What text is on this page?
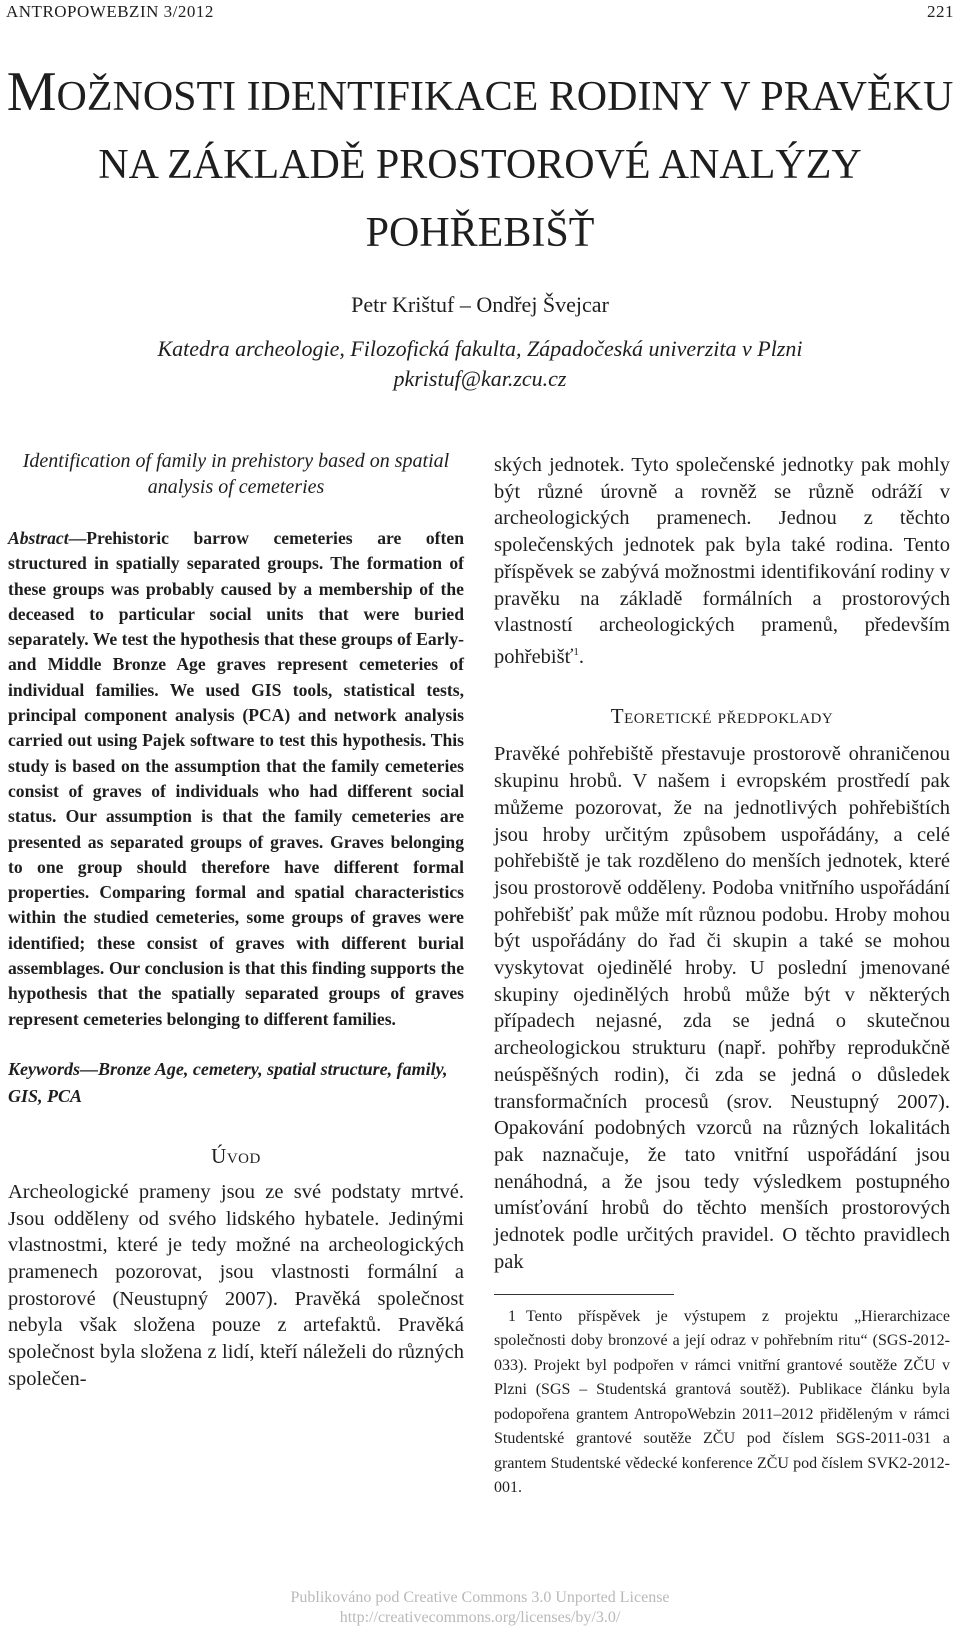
ANTROPOWEBZIN 3/2012	221
MOŽNOSTI IDENTIFIKACE RODINY V PRAVĚKU
NA ZÁKLADĚ PROSTOROVÉ ANALÝZY
POHŘEBIŠŤ
Petr Krištuf – Ondřej Švejcar
Katedra archeologie, Filozofická fakulta, Západočeská univerzita v Plzni
pkristuf@kar.zcu.cz
Identification of family in prehistory based on spatial analysis of cemeteries

Abstract—Prehistoric barrow cemeteries are often structured in spatially separated groups. The formation of these groups was probably caused by a membership of the deceased to particular social units that were buried separately. We test the hypothesis that these groups of Early- and Middle Bronze Age graves represent cemeteries of individual families. We used GIS tools, statistical tests, principal component analysis (PCA) and network analysis carried out using Pajek software to test this hypothesis. This study is based on the assumption that the family cemeteries consist of graves of individuals who had different social status. Our assumption is that the family cemeteries are presented as separated groups of graves. Graves belonging to one group should therefore have different formal properties. Comparing formal and spatial characteristics within the studied cemeteries, some groups of graves were identified; these consist of graves with different burial assemblages. Our conclusion is that this finding supports the hypothesis that the spatially separated groups of graves represent cemeteries belonging to different families.

Keywords—Bronze Age, cemetery, spatial structure, family, GIS, PCA
Úvod

Archeologické prameny jsou ze své podstaty mrtvé. Jsou odděleny od svého lidského hybatele. Jedinými vlastnostmi, které je tedy možné na archeologických pramenech pozorovat, jsou vlastnosti formální a prostorové (Neustupný 2007). Pravěká společnost nebyla však složena pouze z artefaktů. Pravěká společnost byla složena z lidí, kteří náleželi do různých společen-

ských jednotek. Tyto společenské jednotky pak mohly být různé úrovně a rovněž se různě odráží v archeologických pramenech. Jednou z těchto společenských jednotek pak byla také rodina. Tento příspěvek se zabývá možnostmi identifikování rodiny v pravěku na základě formálních a prostorových vlastností archeologických pramenů, především pohřebišť$^1$.

Teoretické předpoklady

Pravěké pohřebiště přestavuje prostorově ohraničenou skupinu hrobů. V našem i evropském prostředí pak můžeme pozorovat, že na jednotlivých pohřebištích jsou hroby určitým způsobem uspořádány, a celé pohřebiště je tak rozděleno do menších jednotek, které jsou prostorově odděleny. Podoba vnitřního uspořádání pohřebišť pak může mít různou podobu. Hroby mohou být uspořádány do řad či skupin a také se mohou vyskytovat ojedinělé hroby. U poslední jmenované skupiny ojedinělých hrobů může být v některých případech nejasné, zda se jedná o skutečnou archeologickou strukturu (např. pohřby reprodukčně neúspěšných rodin), či zda se jedná o důsledek transformačních procesů (srov. Neustupný 2007). Opakování podobných vzorců na různých lokalitách pak naznačuje, že tato vnitřní uspořádání jsou nenáhodná, a že jsou tedy výsledkem postupného umísťování hrobů do těchto menších prostorových jednotek podle určitých pravidel. O těchto pravidlech pak

1 Tento příspěvek je výstupem z projektu „Hierarchizace společnosti doby bronzové a její odraz v pohřebním ritu“ (SGS-2012-033). Projekt byl podpořen v rámci vnitřní grantové soutěže ZČU v Plzni (SGS – Studentská grantová soutěž). Publikace článku byla podopořena grantem AntropoWebzin 2011–2012 přiděleným v rámci Studentské grantové soutěže ZČU pod číslem SGS-2011-031 a grantem Studentské vědecké konference ZČU pod číslem SVK2-2012-001.

Publikováno pod Creative Commons 3.0 Unported License
http://creativecommons.org/licenses/by/3.0/
